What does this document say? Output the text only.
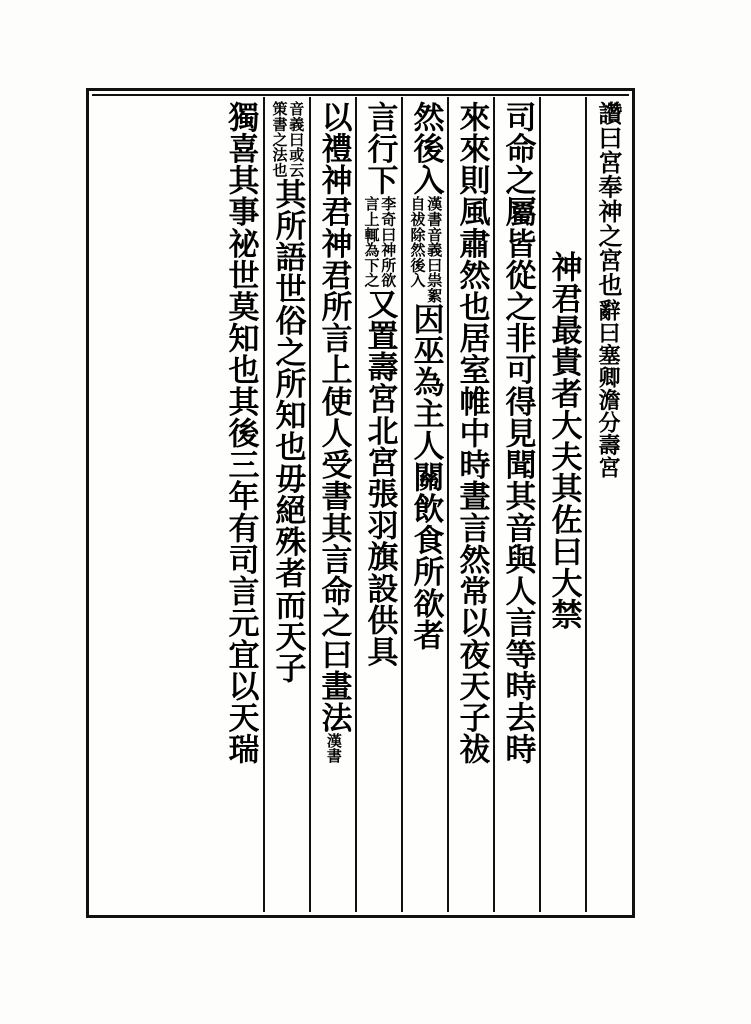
讚曰宮奉神之宮也
辭曰塞卿澹分壽宮
神君最貴者大夫其佐曰大禁
司命之屬皆從之非可得見聞其音與人言等時去時
來來則風肅然也居室帷中時晝言然常以夜天子祓
然後入
漢書音義曰祟絮
自祓除然後入
因巫為主人關飲食所欲者
言行下
李奇曰神所欲
言上輒為下之
又置壽宮北宮張羽旗設供具
以禮神君神君所言上使人受書其言命之曰畫法
漢書
音義曰或云
策書之法也
其所語世俗之所知也毋絕殊者而天子
獨喜其事祕世莫知也其後三年有司言元宜以天瑞
